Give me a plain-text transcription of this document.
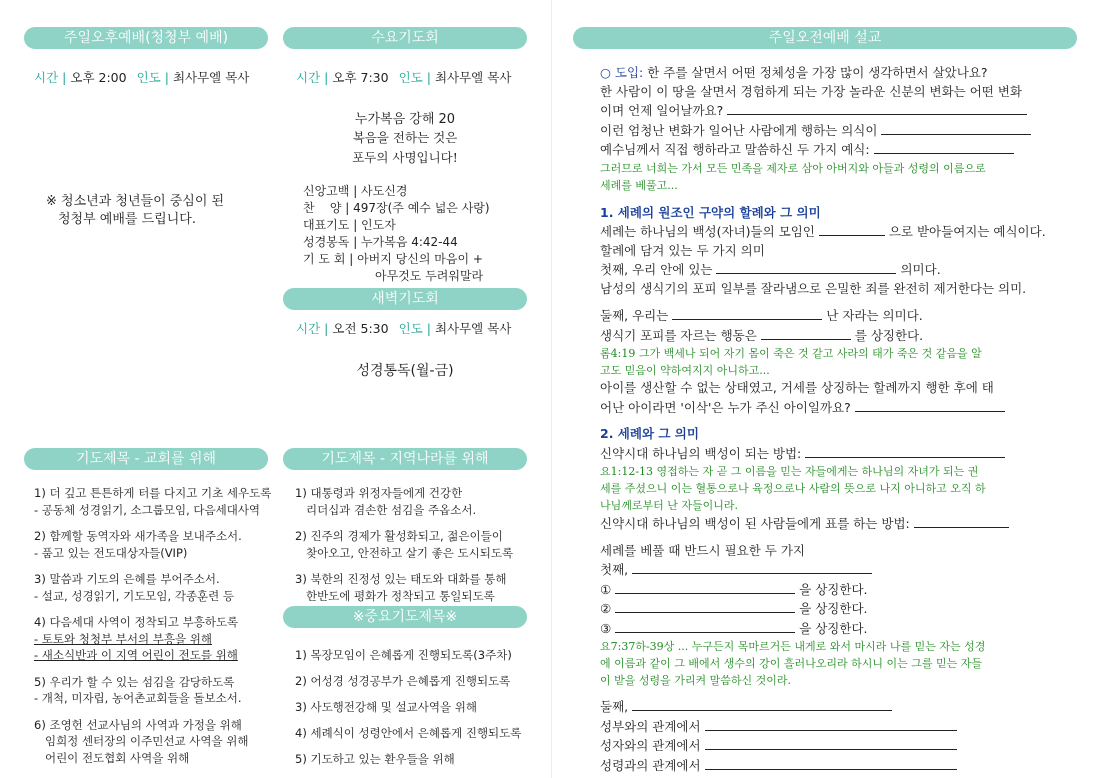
주일오후예배(청청부 예배)
시간 | 오후 2:00 인도 | 최사무엘 목사
※ 청소년과 청년들이 중심이 된
청청부 예배를 드립니다.
수요기도회
시간 | 오후 7:30 인도 | 최사무엘 목사
누가복음 강해 20
복음을 전하는 것은
포두의 사명입니다!
신앙고백 | 사도신경
찬    양 | 497장(주 예수 넓은 사랑)
대표기도 | 인도자
성경봉독 | 누가복음 4:42-44
기 도 회 | 아버지 당신의 마음이 +
아무것도 두려워말라
새벽기도회
시간 | 오전 5:30 인도 | 최사무엘 목사
성경통독(월-금)
기도제목 - 교회를 위해
1) 더 깊고 튼튼하게 터를 다지고 기초 세우도록
- 공동체 성경읽기, 소그룹모임, 다음세대사역
2) 함께할 동역자와 새가족을 보내주소서.
- 품고 있는 전도대상자들(VIP)
3) 말씀과 기도의 은혜를 부어주소서.
- 설교, 성경읽기, 기도모임, 각종훈련 등
4) 다음세대 사역이 정착되고 부흥하도록
- 토토와 청청부 부서의 부흥을 위해
- 새소식반과 이 지역 어린이 전도를 위해
5) 우리가 할 수 있는 섬김을 감당하도록
- 개척, 미자립, 농어촌교회들을 돌보소서.
6) 조영헌 선교사님의 사역과 가정을 위해
임희정 센터장의 이주민선교 사역을 위해
어린이 전도협회 사역을 위해
기도제목 - 지역나라를 위해
1) 대통령과 위정자들에게 건강한
리더십과 겸손한 섬김을 주옵소서.
2) 진주의 경제가 활성화되고, 젊은이들이
찾아오고, 안전하고 살기 좋은 도시되도록
3) 북한의 진정성 있는 태도와 대화를 통해
한반도에 평화가 정착되고 통일되도록
※중요기도제목※
1) 목장모임이 은혜롭게 진행되도록(3주차)
2) 어성경 성경공부가 은혜롭게 진행되도록
3) 사도행전강해 및 설교사역을 위해
4) 세례식이 성령안에서 은혜롭게 진행되도록
5) 기도하고 있는 환우들을 위해
주일오전예배 설교
○ 도입: 한 주를 살면서 어떤 정체성을 가장 많이 생각하면서 살았나요?
한 사람이 이 땅을 살면서 경험하게 되는 가장 놀라운 신분의 변화는 어떤 변화
이며 언제 일어날까요?
이런 엄청난 변화가 일어난 사람에게 행하는 의식이
예수님께서 직접 행하라고 말씀하신 두 가지 예식:
그러므로 너희는 가서 모든 민족을 제자로 삼아 아버지와 아들과 성령의 이름으로
세례를 베풀고...
1. 세례의 원조인 구약의 할례와 그 의미
세례는 하나님의 백성(자녀)들의 모임인	으로 받아들여지는 예식이다.
할례에 담겨 있는 두 가지 의미
첫째, 우리 안에 있는	의미다.
남성의 생식기의 포피 일부를 잘라냄으로 은밀한 죄를 완전히 제거한다는 의미.
둘째, 우리는	난 자라는 의미다.
생식기 포피를 자르는 행동은	를 상징한다.
롬4:19 그가 백세나 되어 자기 몸이 죽은 것 같고 사라의 태가 죽은 것 같음을 알
고도 믿음이 약하여지지 아니하고...
아이를 생산할 수 없는 상태였고, 거세를 상징하는 할례까지 행한 후에 태
어난 아이라면 '이삭'은 누가 주신 아이일까요?
2. 세례와 그 의미
신약시대 하나님의 백성이 되는 방법:
요1:12-13 영접하는 자 곧 그 이름을 믿는 자들에게는 하나님의 자녀가 되는 권
세를 주셨으니 이는 혈통으로나 육정으로나 사람의 뜻으로 나지 아니하고 오직 하
나님께로부터 난 자들이니라.
신약시대 하나님의 백성이 된 사람들에게 표를 하는 방법:
세례를 베풀 때 반드시 필요한 두 가지
첫째,
①	을 상징한다.
②	을 상징한다.
③	을 상징한다.
요7:37하-39상 ... 누구든지 목마르거든 내게로 와서 마시라 나를 믿는 자는 성경
에 이름과 같이 그 배에서 생수의 강이 흘러나오리라 하시니 이는 그를 믿는 자들
이 받을 성령을 가리켜 말씀하신 것이라.
둘째,
성부와의 관계에서
성자와의 관계에서
성령과의 관계에서
